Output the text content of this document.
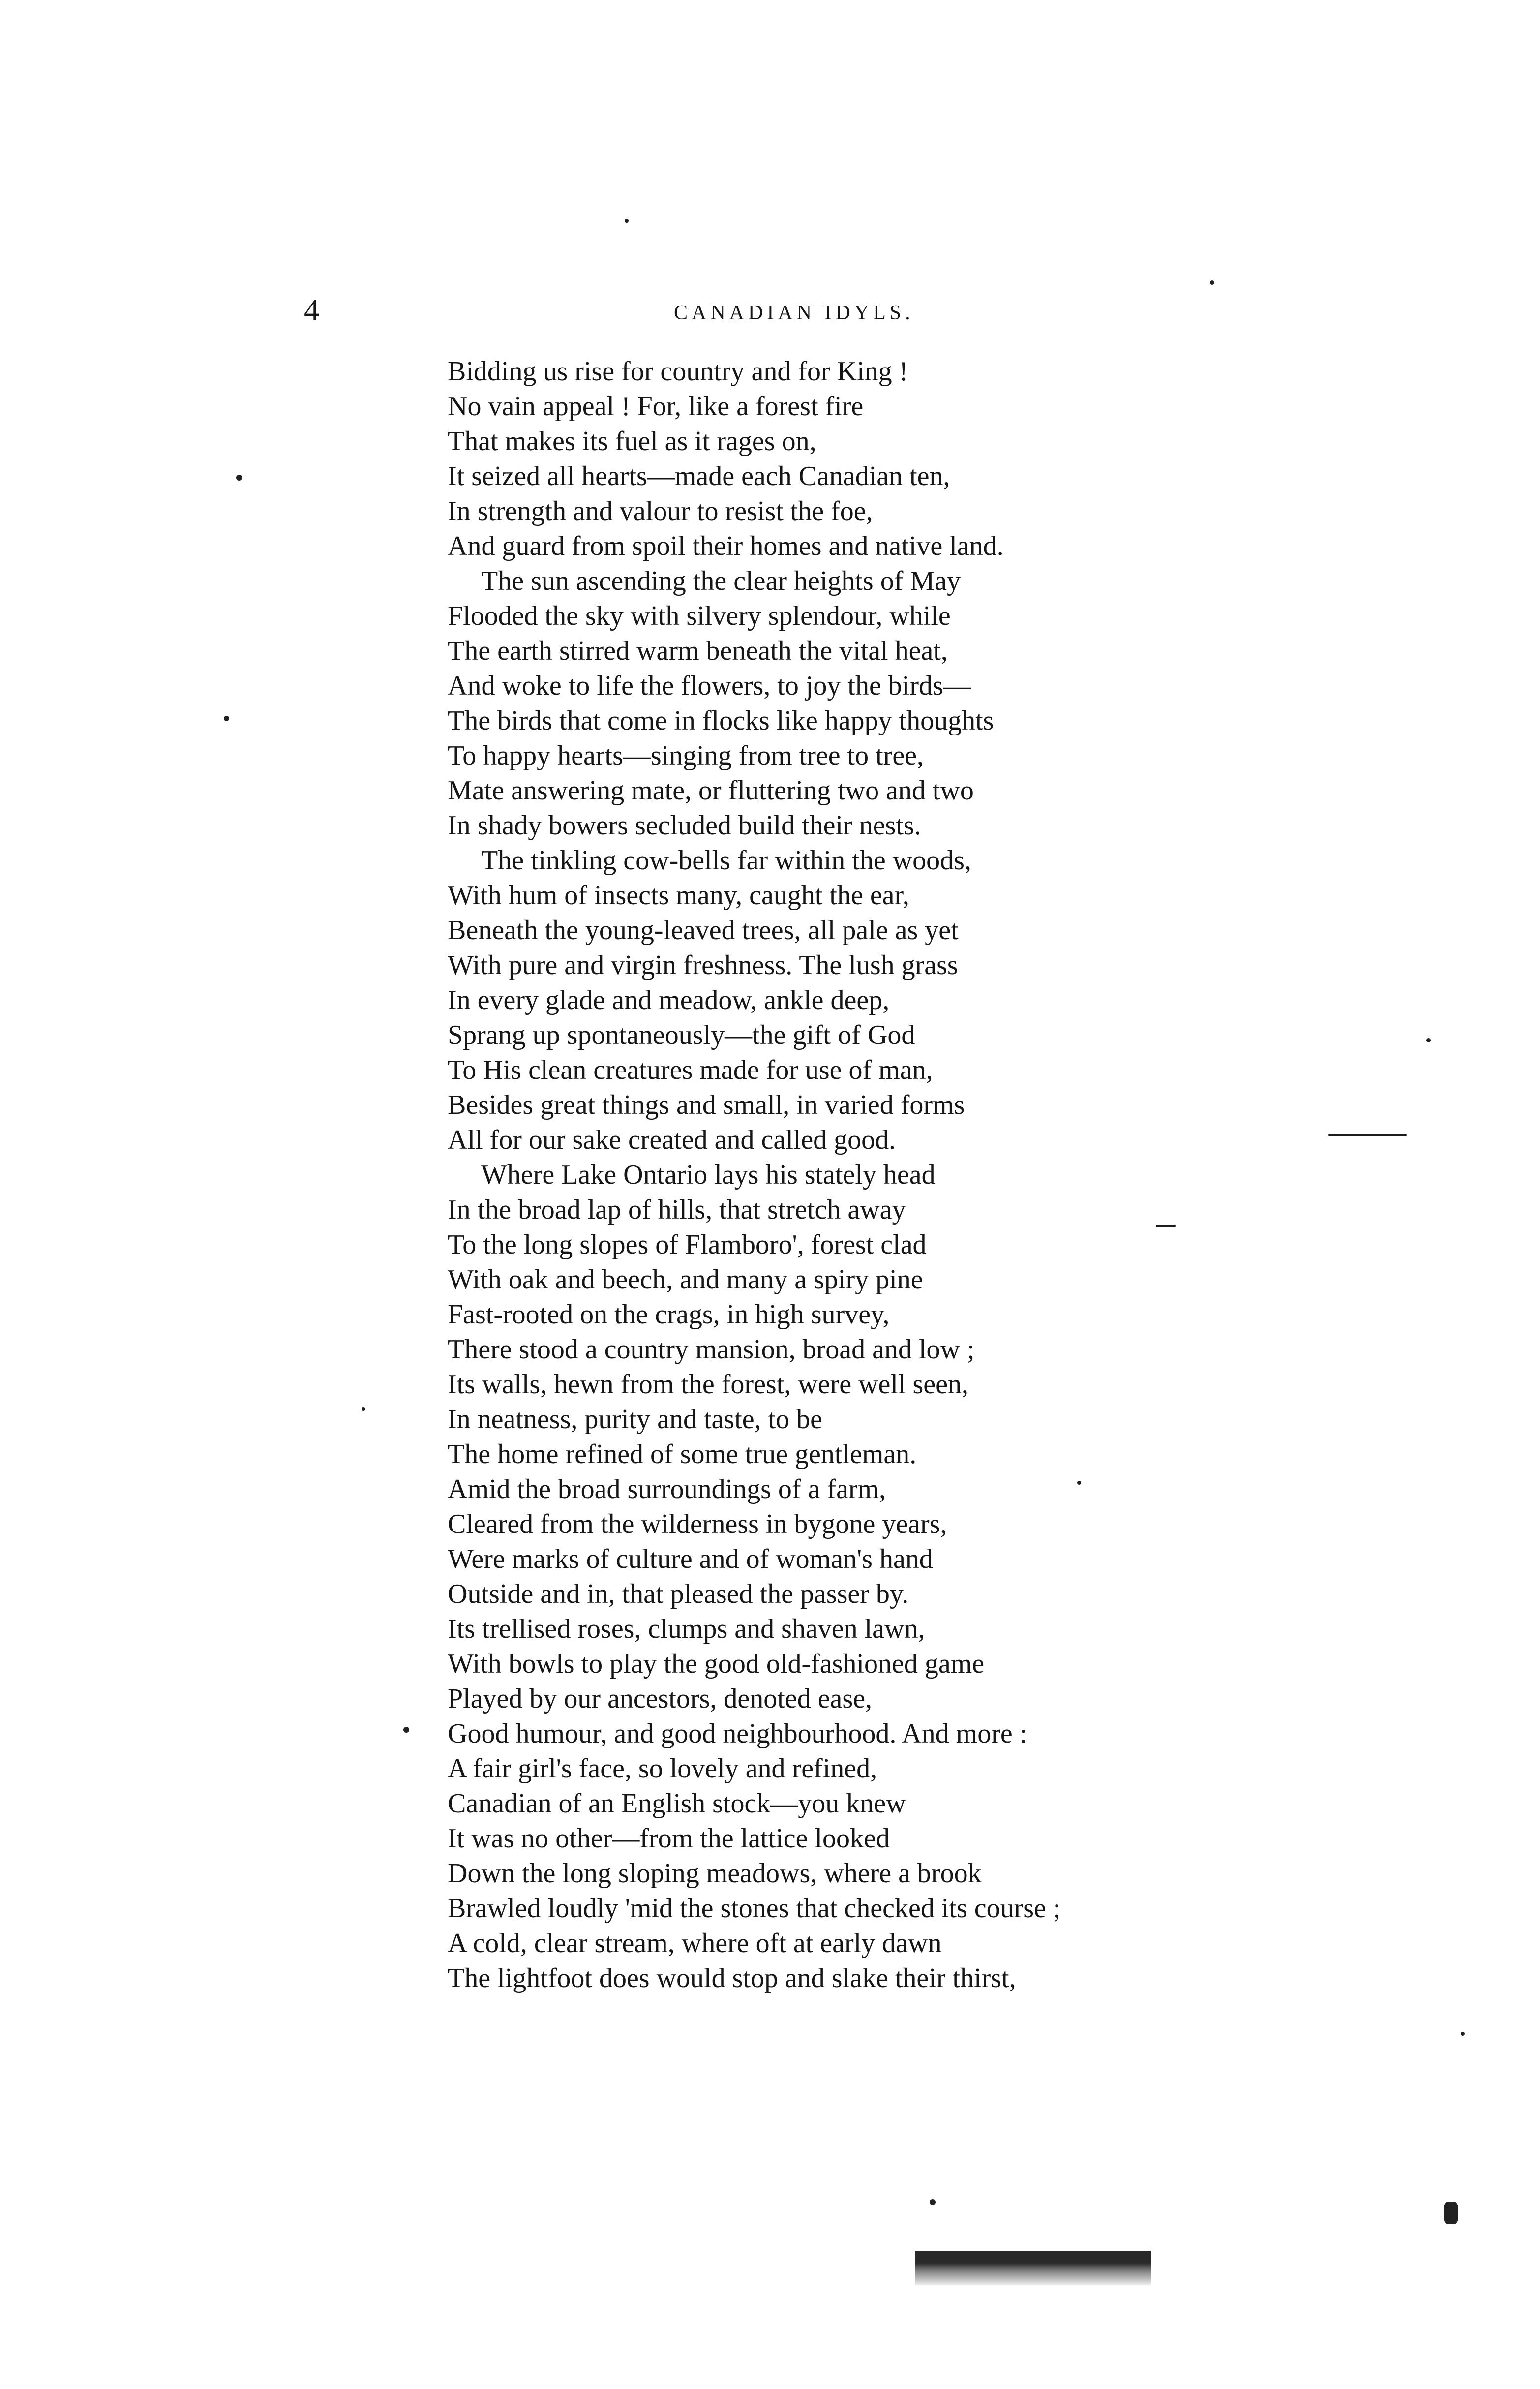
4	CANADIAN IDYLS.
Bidding us rise for country and for King !
No vain appeal ! For, like a forest fire
That makes its fuel as it rages on,
It seized all hearts—made each Canadian ten,
In strength and valour to resist the foe,
And guard from spoil their homes and native land.
The sun ascending the clear heights of May
Flooded the sky with silvery splendour, while
The earth stirred warm beneath the vital heat,
And woke to life the flowers, to joy the birds—
The birds that come in flocks like happy thoughts
To happy hearts—singing from tree to tree,
Mate answering mate, or fluttering two and two
In shady bowers secluded build their nests.
The tinkling cow-bells far within the woods,
With hum of insects many, caught the ear,
Beneath the young-leaved trees, all pale as yet
With pure and virgin freshness. The lush grass
In every glade and meadow, ankle deep,
Sprang up spontaneously—the gift of God
To His clean creatures made for use of man,
Besides great things and small, in varied forms
All for our sake created and called good.
Where Lake Ontario lays his stately head
In the broad lap of hills, that stretch away
To the long slopes of Flamboro', forest clad
With oak and beech, and many a spiry pine
Fast-rooted on the crags, in high survey,
There stood a country mansion, broad and low ;
Its walls, hewn from the forest, were well seen,
In neatness, purity and taste, to be
The home refined of some true gentleman.
Amid the broad surroundings of a farm,
Cleared from the wilderness in bygone years,
Were marks of culture and of woman's hand
Outside and in, that pleased the passer by.
Its trellised roses, clumps and shaven lawn,
With bowls to play the good old-fashioned game
Played by our ancestors, denoted ease,
Good humour, and good neighbourhood. And more :
A fair girl's face, so lovely and refined,
Canadian of an English stock—you knew
It was no other—from the lattice looked
Down the long sloping meadows, where a brook
Brawled loudly 'mid the stones that checked its course ;
A cold, clear stream, where oft at early dawn
The lightfoot does would stop and slake their thirst,
